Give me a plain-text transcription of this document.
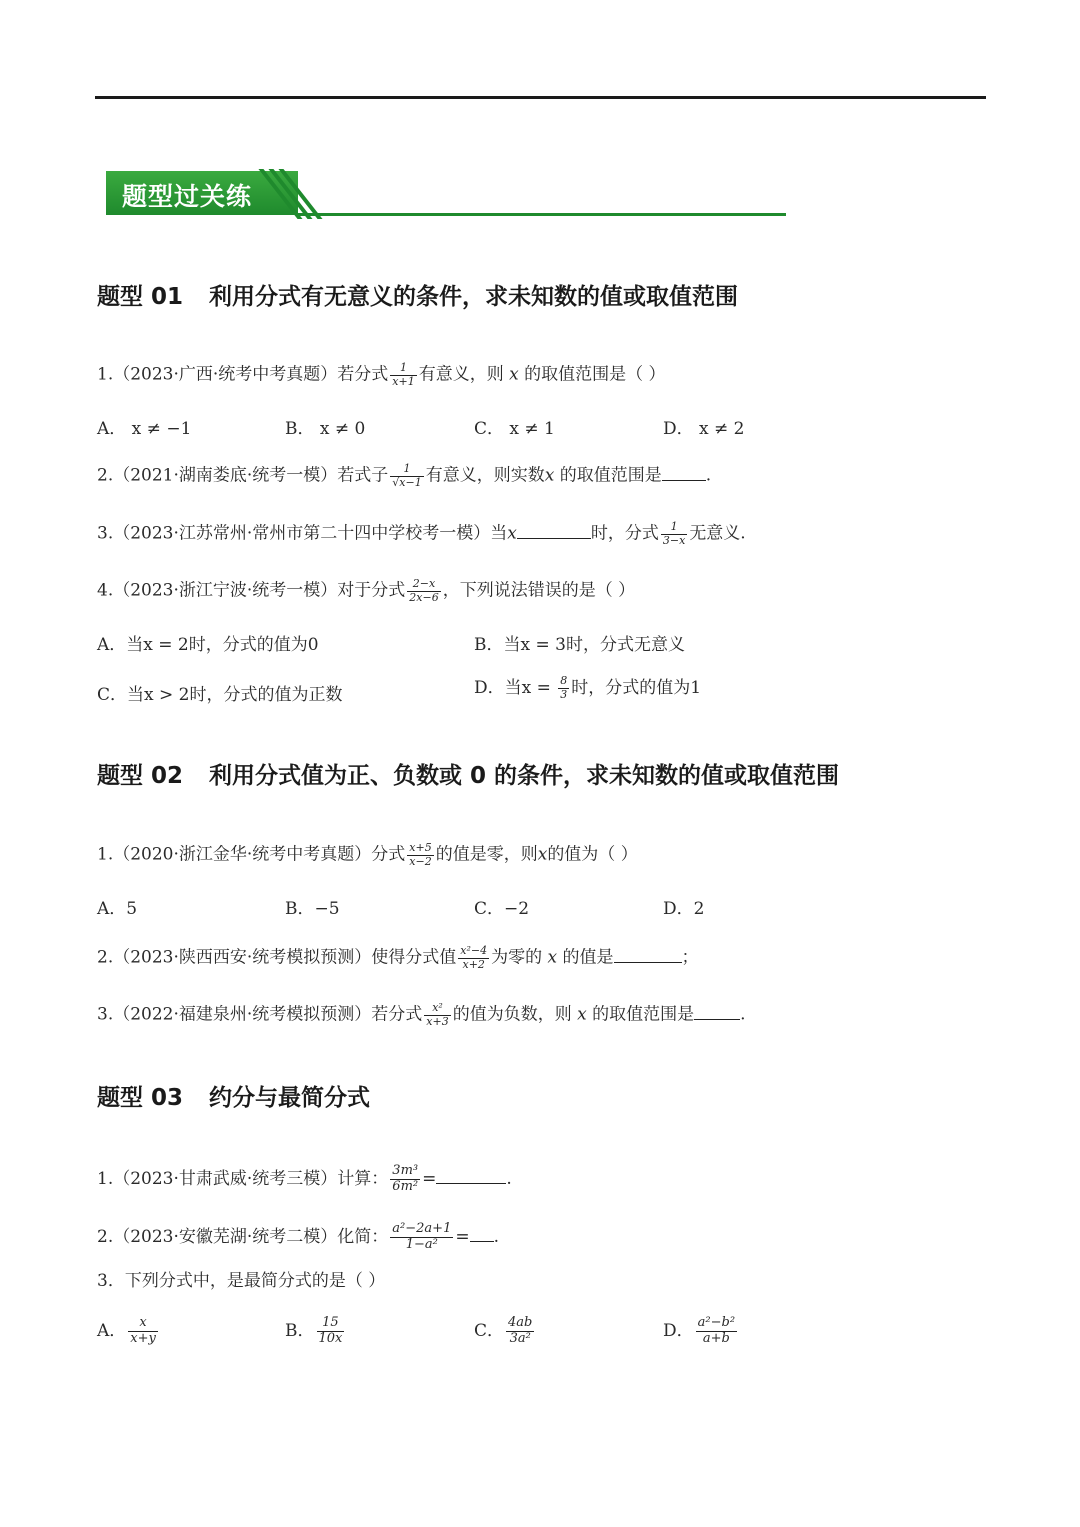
题型过关练
题型 01 利用分式有无意义的条件，求未知数的值或取值范围
1.（2023·广西·统考中考真题）若分式 $\frac{1}{x+1}$ 有意义，则 x 的取值范围是（ ）
A． x ≠ −1	B． x ≠ 0	C． x ≠ 1	D． x ≠ 2
2.（2021·湖南娄底·统考一模）若式子 $\frac{1}{√x-1}$ 有意义，则实数x 的取值范围是	.
3.（2023·江苏常州·常州市第二十四中学校考一模）当x	时，分式 $\frac{1}{3-x}$ 无意义.
4.（2023·浙江宁波·统考一模）对于分式 $\frac{2-x}{2x-6}$ ，下列说法错误的是（ ）
A．当x = 2时，分式的值为0	B．当x = 3时，分式无意义
C．当x > 2时，分式的值为正数	D．当$x = \frac{8}{3}$ 时，分式的值为1
题型 02 利用分式值为正、负数或 0 的条件，求未知数的值或取值范围
1.（2020·浙江金华·统考中考真题）分式 $\frac{x+5}{x-2}$ 的值是零，则x的值为（ ）
A．5	B．−5	C．−2	D．2
2.（2023·陕西西安·统考模拟预测）使得分式值 $\frac{\text{x²−4}}{x+2}$ 为零的 x 的值是	；
3.（2022·福建泉州·统考模拟预测）若分式 $\frac{\text{x²}}{x+3}$ 的值为负数，则 x 的取值范围是	.
题型 03 约分与最简分式
1.（2023·甘肃武威·统考三模）计算： $\frac{\text{3m³}}{\text{6m²}}$ =	.
2.（2023·安徽芜湖·统考二模）化简： $\frac{\text{a²−2a+1}}{\text{1−a²}}$ = .
3．下列分式中，是最简分式的是（ ）
A． $\frac{x}{x+y}$	B． $\frac{15}{10x}$	C． $\frac{4ab}{\text{3a²}}$	D． $\frac{\text{a²−b²}}{a+b}$
